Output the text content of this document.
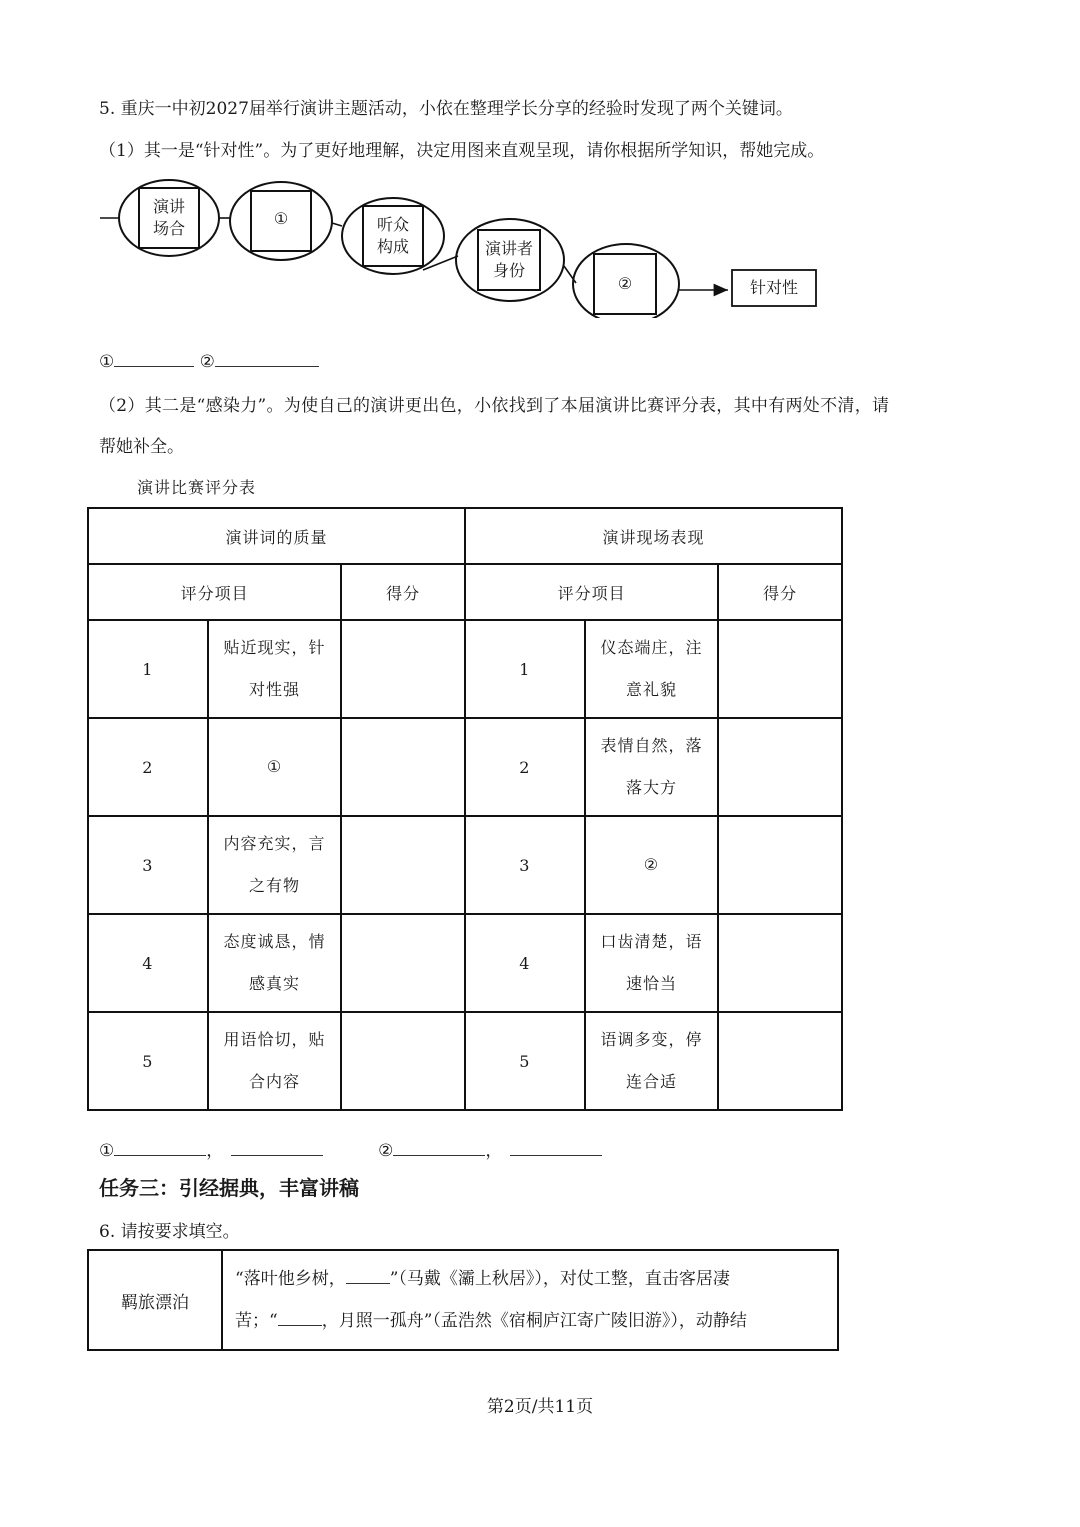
5. 重庆一中初2027届举行演讲主题活动，小依在整理学长分享的经验时发现了两个关键词。
（1）其一是“针对性”。为了更好地理解，决定用图来直观呈现，请你根据所学知识，帮她完成。
演讲
场合
①	听众
构成	演讲者
身份
②	针对性
①	②
（2）其二是“感染力”。为使自己的演讲更出色，小依找到了本届演讲比赛评分表，其中有两处不清，请
帮她补全。
演讲比赛评分表
演讲词的质量			演讲现场表现		
评分项目		得分	评分项目		得分
1	贴近现实，针对性强		1	仪态端庄，注意礼貌	
2	①		2	表情自然，落落大方	
3	内容充实，言之有物		3	②	
4	态度诚恳，情感真实		4	口齿清楚，语速恰当	
5	用语恰切，贴合内容		5	语调多变，停连合适	
①	，	②	，
任务三：引经据典，丰富讲稿
6. 请按要求填空。
羁旅漂泊	
“落叶他乡树，	”（马戴《灞上秋居》），对仗工整，直击客居凄
苦；“	，月照一孤舟”（孟浩然《宿桐庐江寄广陵旧游》），动静结
第2页/共11页
